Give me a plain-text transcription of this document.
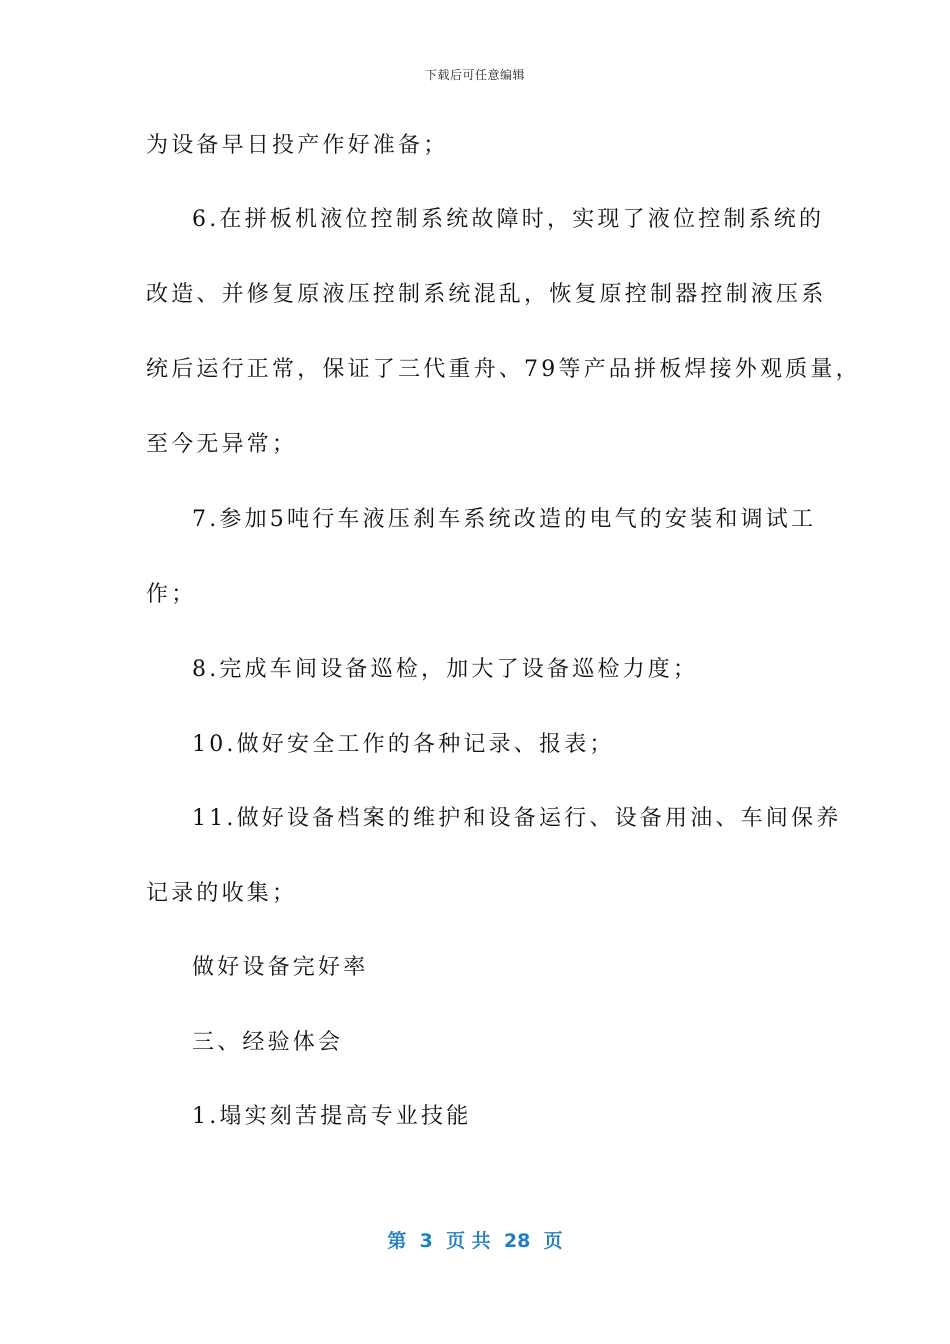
下载后可任意编辑
为设备早日投产作好准备；
6.在拼板机液位控制系统故障时，实现了液位控制系统的
改造、并修复原液压控制系统混乱，恢复原控制器控制液压系
统后运行正常，保证了三代重舟、79等产品拼板焊接外观质量，
至今无异常；
7.参加5吨行车液压刹车系统改造的电气的安装和调试工
作；
8.完成车间设备巡检，加大了设备巡检力度；
10.做好安全工作的各种记录、报表；
11.做好设备档案的维护和设备运行、设备用油、车间保养
记录的收集；
做好设备完好率
三、经验体会
1.塌实刻苦提高专业技能
第  3  页 共  28  页
